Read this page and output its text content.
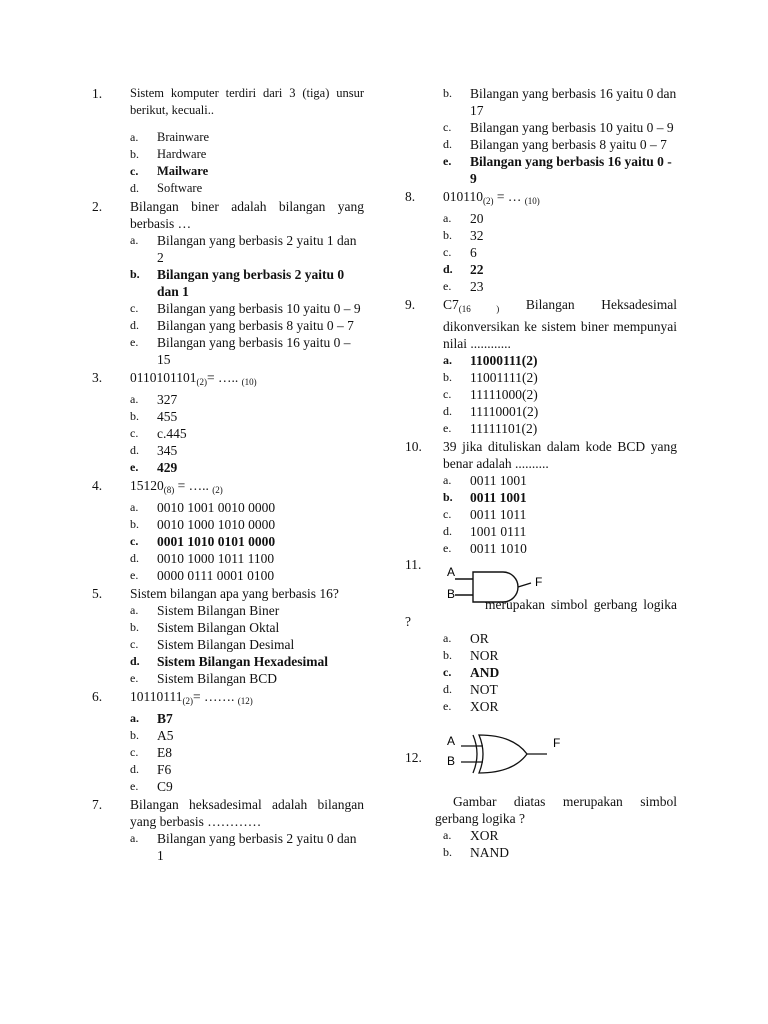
1. Sistem komputer terdiri dari 3 (tiga) unsur berikut, kecuali..
a. Brainware
b. Hardware
c. Mailware
d. Software
2. Bilangan biner adalah bilangan yang berbasis …
a. Bilangan yang berbasis 2 yaitu 1 dan 2
b. Bilangan yang berbasis 2 yaitu 0 dan 1
c. Bilangan yang berbasis 10 yaitu 0 – 9
d. Bilangan yang berbasis 8 yaitu 0 – 7
e. Bilangan yang berbasis 16 yaitu 0 – 15
3. $0110101101_{(2)}=$ ….. $_{(10)}$
a. 327
b. 455
c. c.445
d. 345
e. 429
4. $15120_{(8)}$ = ….. $_{(2)}$
a. 0010 1001 0010 0000
b. 0010 1000 1010 0000
c. 0001 1010 0101 0000
d. 0010 1000 1011 1100
e. 0000 0111 0001 0100
5. Sistem bilangan apa yang berbasis 16?
a. Sistem Bilangan Biner
b. Sistem Bilangan Oktal
c. Sistem Bilangan Desimal
d. Sistem Bilangan Hexadesimal
e. Sistem Bilangan BCD
6. $10110111_{(2)}=$ ……. $_{(12)}$
a. B7
b. A5
c. E8
d. F6
e. C9
7. Bilangan heksadesimal adalah bilangan yang berbasis …………
a. Bilangan yang berbasis 2 yaitu 0 dan 1
b. Bilangan yang berbasis 16 yaitu 0 dan 17
c. Bilangan yang berbasis 10 yaitu 0 – 9
d. Bilangan yang berbasis 8 yaitu 0 – 7
e. Bilangan yang berbasis 16 yaitu 0 - 9
8. $010110_{(2)}$ = … $_{(10)}$
a. 20
b. 32
c. 6
d. 22
e. 23
9. $C7_{(16 )}$ Bilangan Heksadesimal dikonversikan ke sistem biner mempunyai nilai ............
a. 11000111(2)
b. 11001111(2)
c. 11111000(2)
d. 11110001(2)
e. 11111101(2)
10. 39 jika dituliskan dalam kode BCD yang benar adalah ..........
a. 0011 1001
b. 0011 1001
c. 0011 1011
d. 1001 0111
e. 0011 1010
11. A
B
F
merupakan simbol gerbang logika ?
a. OR
b. NOR
c. AND
d. NOT
e. XOR
12.
A
B
F
Gambar diatas merupakan simbol gerbang logika ?
a. XOR
b. NAND
